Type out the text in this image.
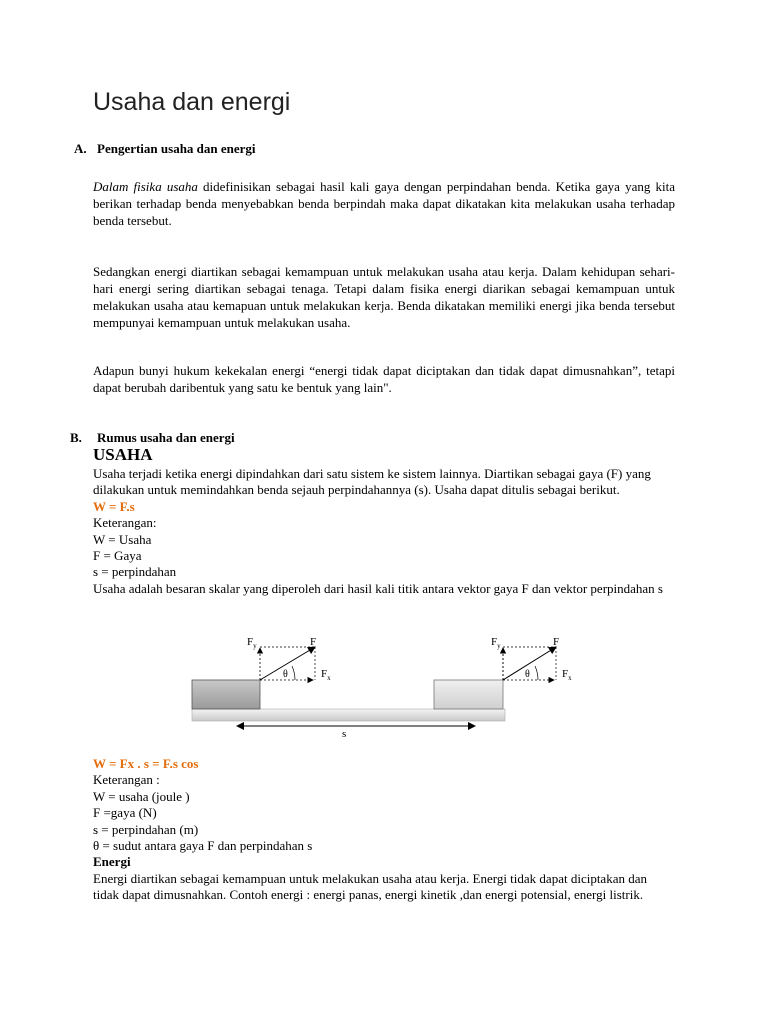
Usaha dan energi
A. Pengertian usaha dan energi
Dalam fisika usaha didefinisikan sebagai hasil kali gaya dengan perpindahan benda. Ketika gaya yang kita berikan terhadap benda menyebabkan benda berpindah maka dapat dikatakan kita melakukan usaha terhadap benda tersebut.
Sedangkan energi diartikan sebagai kemampuan untuk melakukan usaha atau kerja. Dalam kehidupan sehari-hari energi sering diartikan sebagai tenaga. Tetapi dalam fisika energi diarikan sebagai kemampuan untuk melakukan usaha atau kemapuan untuk melakukan kerja. Benda dikatakan memiliki energi jika benda tersebut mempunyai kemampuan untuk melakukan usaha.
Adapun bunyi hukum kekekalan energi “energi tidak dapat diciptakan dan tidak dapat dimusnahkan”, tetapi dapat berubah daribentuk yang satu ke bentuk yang lain".
B. Rumus usaha dan energi
USAHA
Usaha terjadi ketika energi dipindahkan dari satu sistem ke sistem lainnya. Diartikan sebagai gaya (F) yang dilakukan untuk memindahkan benda sejauh perpindahannya (s). Usaha dapat ditulis sebagai berikut.
W = F.s
Keterangan:
W = Usaha
F = Gaya
s = perpindahan
Usaha adalah besaran skalar yang diperoleh dari hasil kali titik antara vektor gaya F dan vektor perpindahan s
$F_y$	F
$F_x$
θ
s
$F_y$	F
$F_x$
θ
W = Fx . s = F.s cos
Keterangan :
W = usaha (joule )
F =gaya (N)
s = perpindahan (m)
θ = sudut antara gaya F dan perpindahan s
Energi
Energi diartikan sebagai kemampuan untuk melakukan usaha atau kerja. Energi tidak dapat diciptakan dan tidak dapat dimusnahkan. Contoh energi : energi panas, energi kinetik ,dan energi potensial, energi listrik.
